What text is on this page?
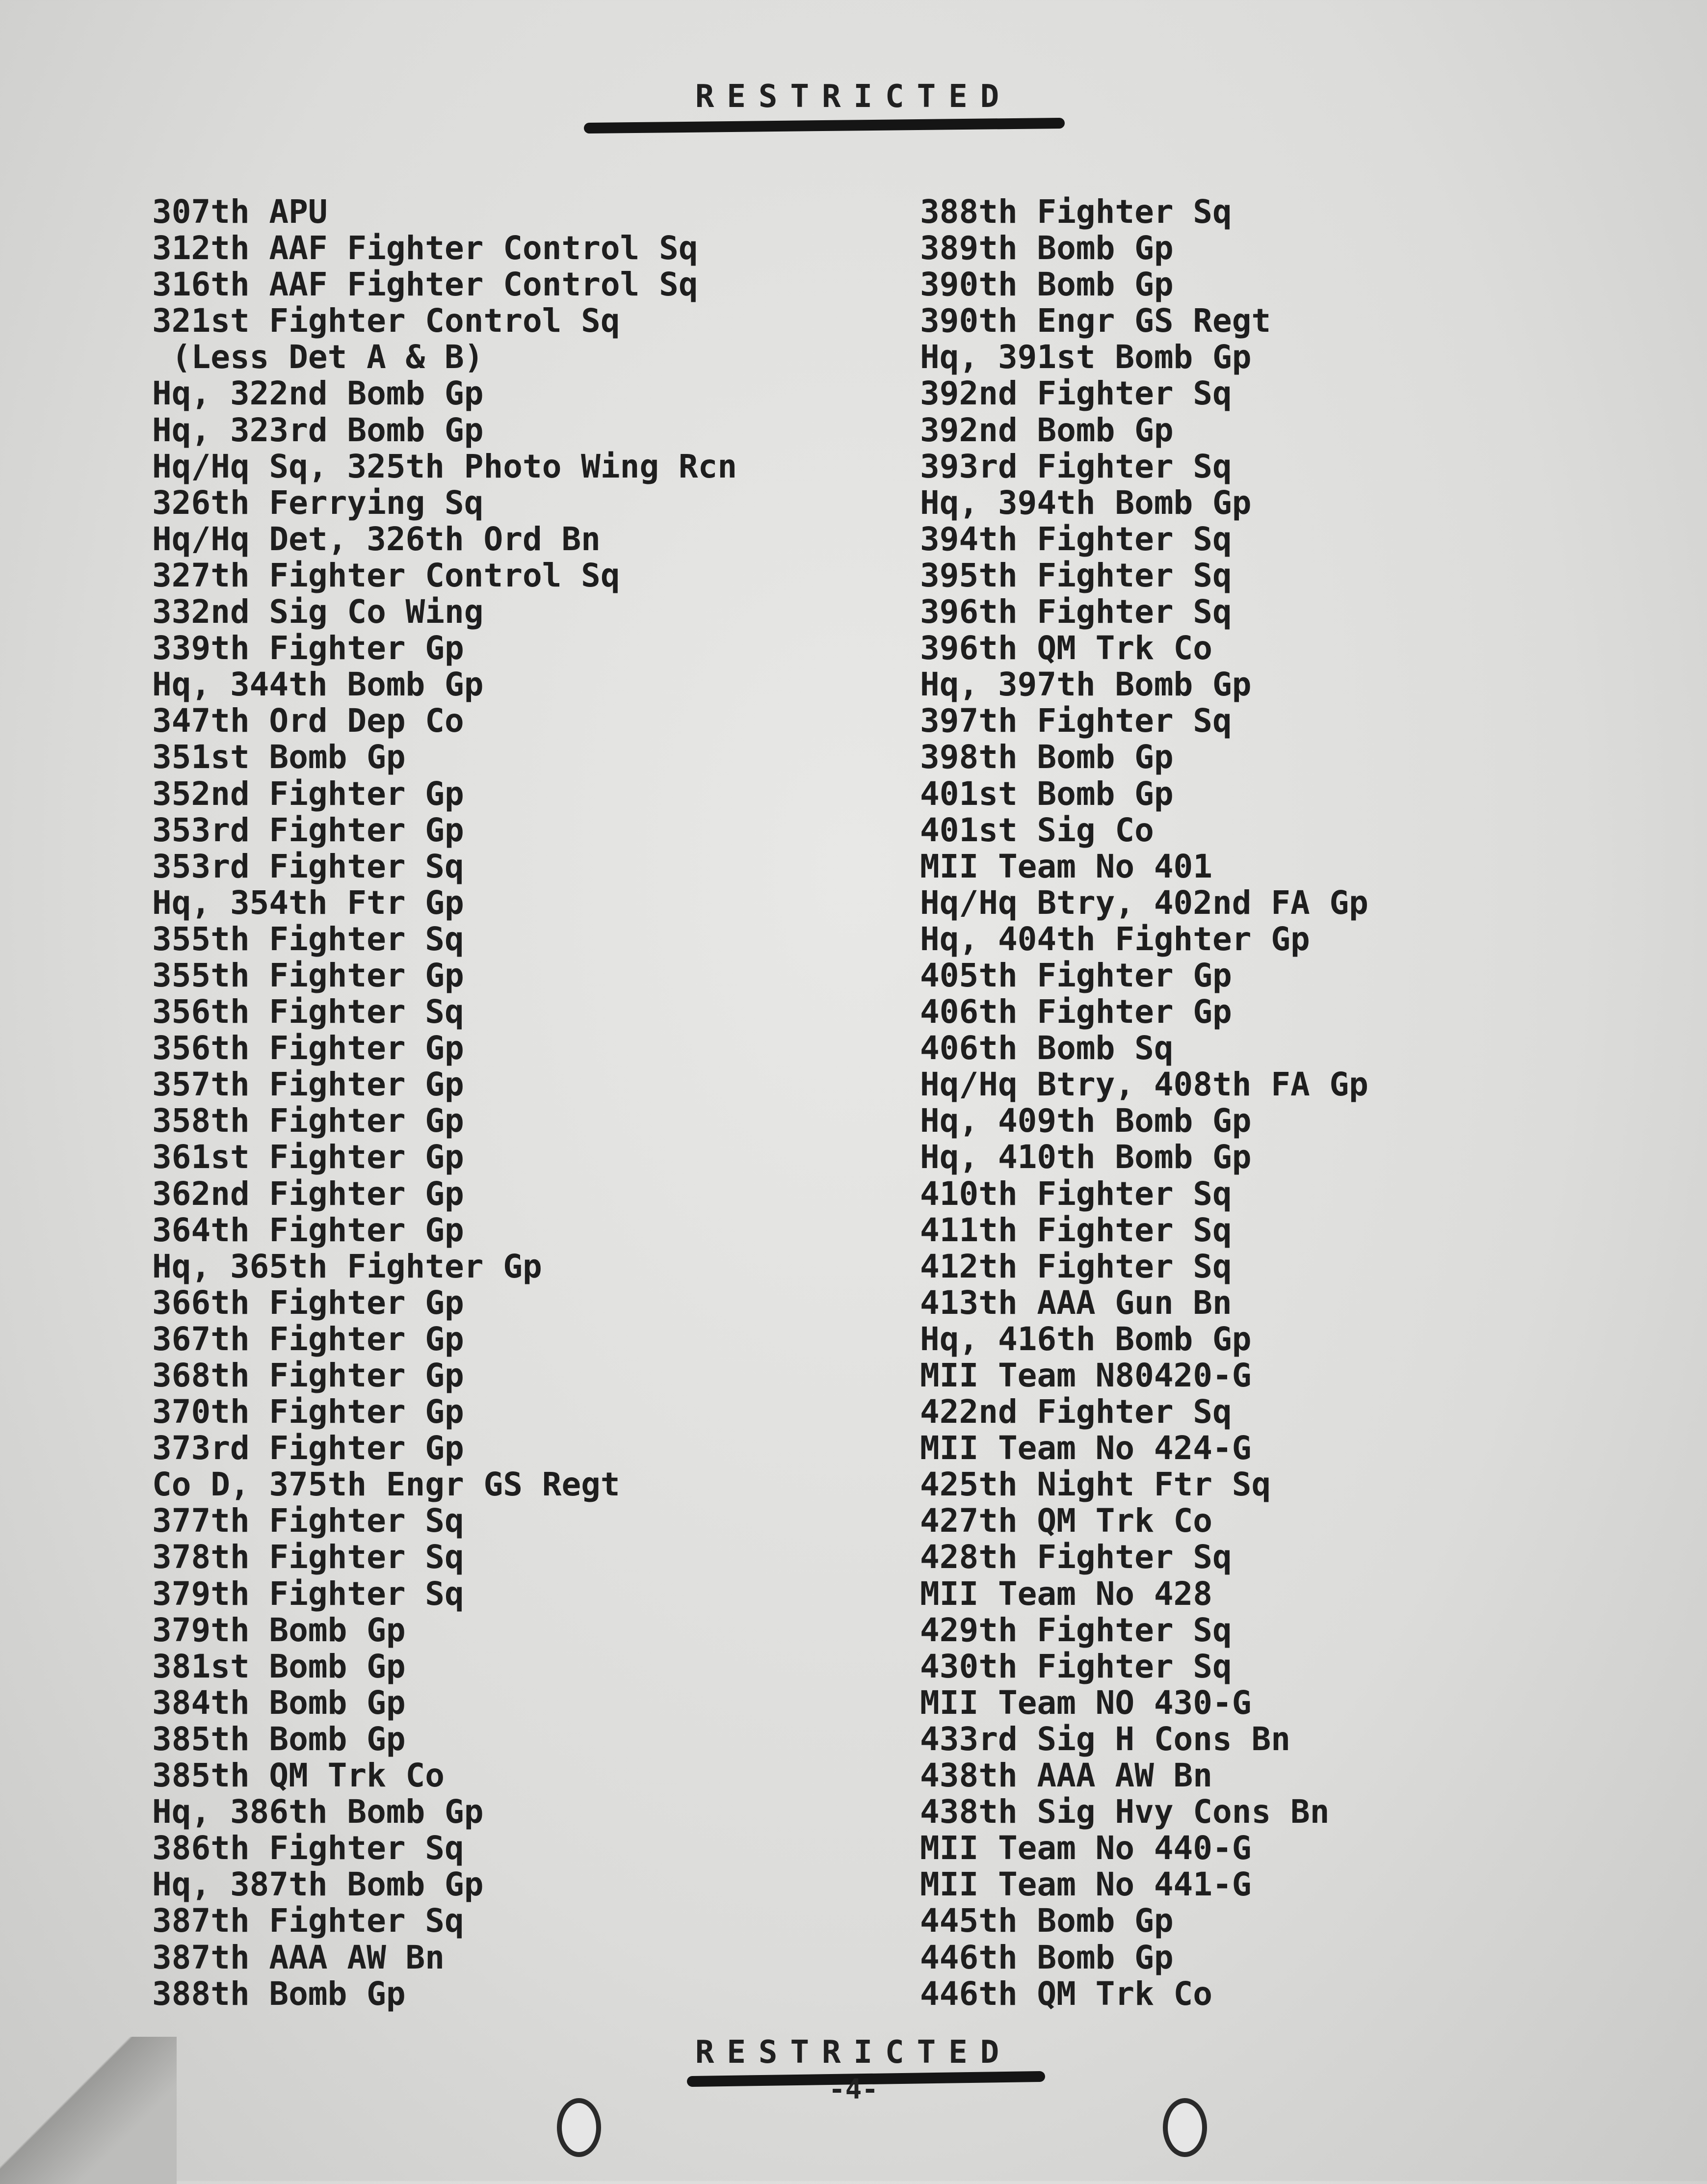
RESTRICTED
307th APU
312th AAF Fighter Control Sq
316th AAF Fighter Control Sq
321st Fighter Control Sq
(Less Det A & B)
Hq, 322nd Bomb Gp
Hq, 323rd Bomb Gp
Hq/Hq Sq, 325th Photo Wing Rcn
326th Ferrying Sq
Hq/Hq Det, 326th Ord Bn
327th Fighter Control Sq
332nd Sig Co Wing
339th Fighter Gp
Hq, 344th Bomb Gp
347th Ord Dep Co
351st Bomb Gp
352nd Fighter Gp
353rd Fighter Gp
353rd Fighter Sq
Hq, 354th Ftr Gp
355th Fighter Sq
355th Fighter Gp
356th Fighter Sq
356th Fighter Gp
357th Fighter Gp
358th Fighter Gp
361st Fighter Gp
362nd Fighter Gp
364th Fighter Gp
Hq, 365th Fighter Gp
366th Fighter Gp
367th Fighter Gp
368th Fighter Gp
370th Fighter Gp
373rd Fighter Gp
Co D, 375th Engr GS Regt
377th Fighter Sq
378th Fighter Sq
379th Fighter Sq
379th Bomb Gp
381st Bomb Gp
384th Bomb Gp
385th Bomb Gp
385th QM Trk Co
Hq, 386th Bomb Gp
386th Fighter Sq
Hq, 387th Bomb Gp
387th Fighter Sq
387th AAA AW Bn
388th Bomb Gp
388th Fighter Sq
389th Bomb Gp
390th Bomb Gp
390th Engr GS Regt
Hq, 391st Bomb Gp
392nd Fighter Sq
392nd Bomb Gp
393rd Fighter Sq
Hq, 394th Bomb Gp
394th Fighter Sq
395th Fighter Sq
396th Fighter Sq
396th QM Trk Co
Hq, 397th Bomb Gp
397th Fighter Sq
398th Bomb Gp
401st Bomb Gp
401st Sig Co
MII Team No 401
Hq/Hq Btry, 402nd FA Gp
Hq, 404th Fighter Gp
405th Fighter Gp
406th Fighter Gp
406th Bomb Sq
Hq/Hq Btry, 408th FA Gp
Hq, 409th Bomb Gp
Hq, 410th Bomb Gp
410th Fighter Sq
411th Fighter Sq
412th Fighter Sq
413th AAA Gun Bn
Hq, 416th Bomb Gp
MII Team N80420-G
422nd Fighter Sq
MII Team No 424-G
425th Night Ftr Sq
427th QM Trk Co
428th Fighter Sq
MII Team No 428
429th Fighter Sq
430th Fighter Sq
MII Team NO 430-G
433rd Sig H Cons Bn
438th AAA AW Bn
438th Sig Hvy Cons Bn
MII Team No 440-G
MII Team No 441-G
445th Bomb Gp
446th Bomb Gp
446th QM Trk Co
RESTRICTED
-4-
